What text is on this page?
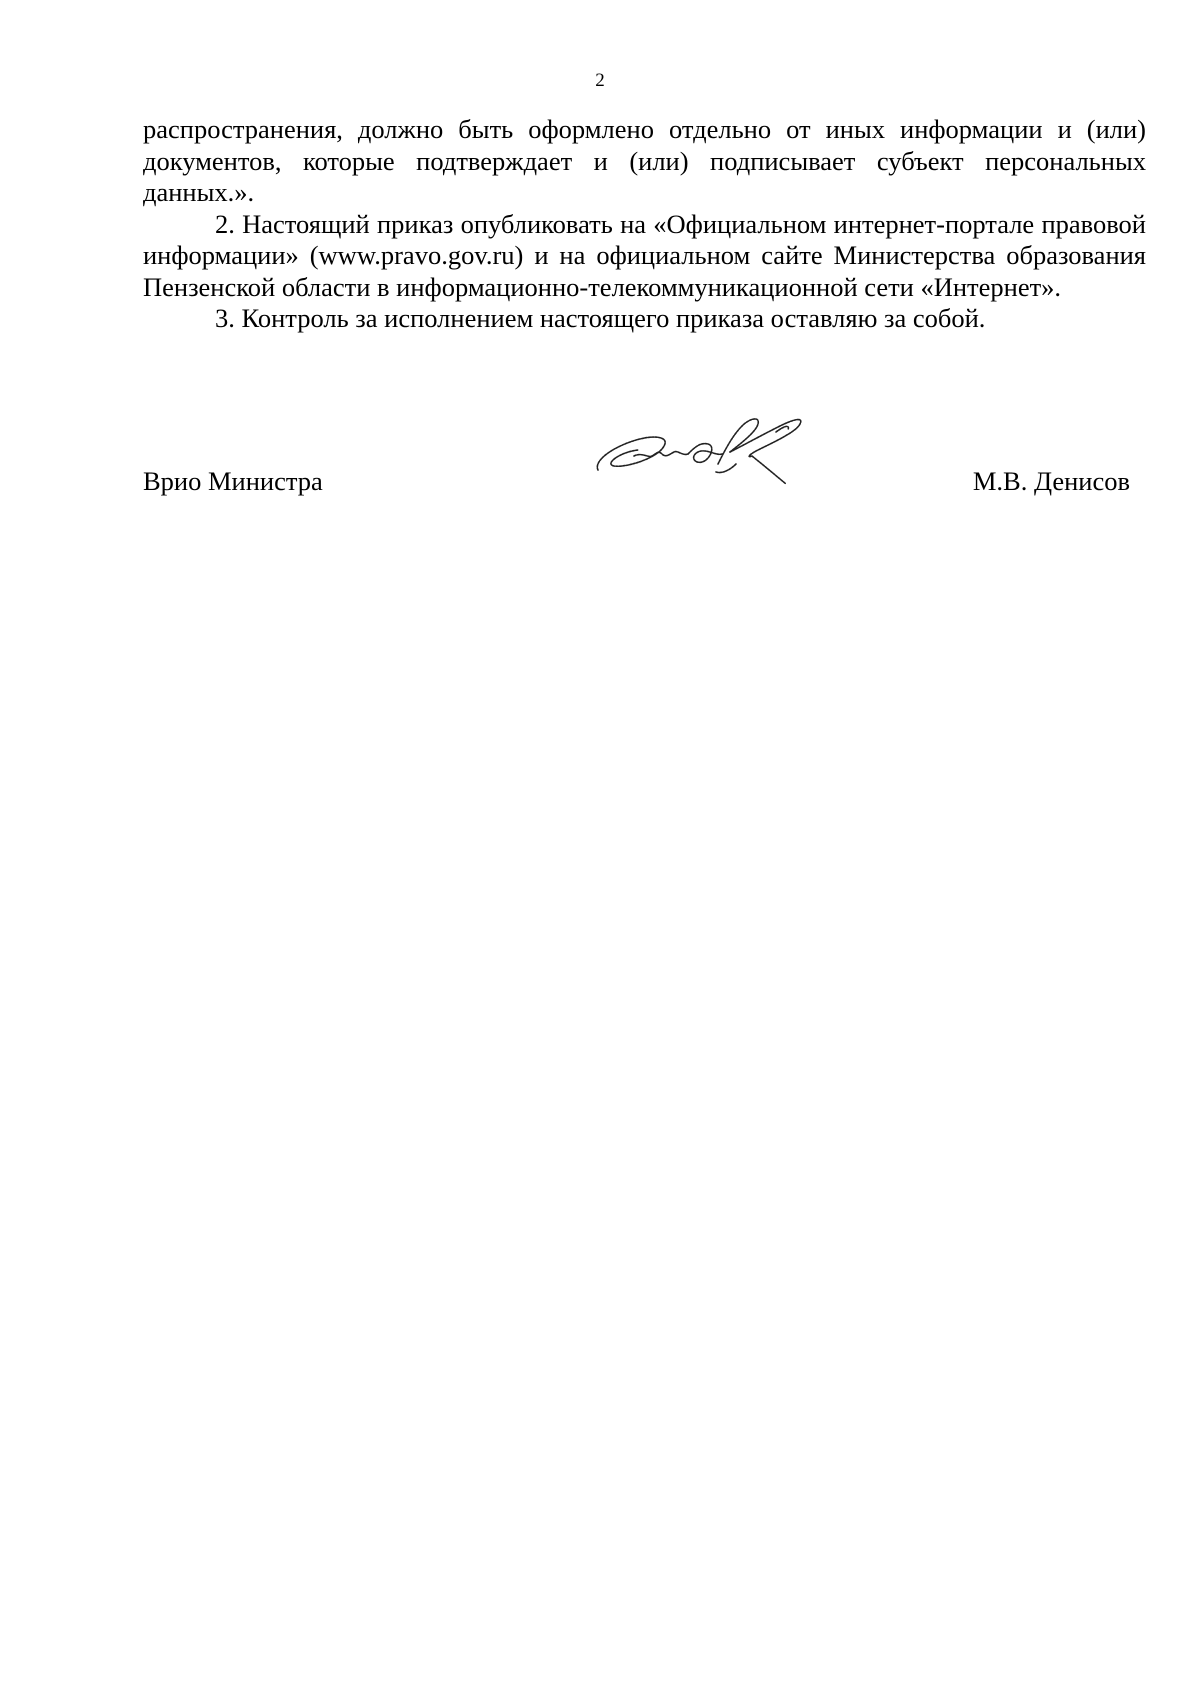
2

распространения, должно быть оформлено отдельно от иных информации и (или) документов, которые подтверждает и (или) подписывает субъект персональных данных.».

2. Настоящий приказ опубликовать на «Официальном интернет-портале правовой информации» (www.pravo.gov.ru) и на официальном сайте Министерства образования Пензенской области в информационно-телекоммуникационной сети «Интернет».

3. Контроль за исполнением настоящего приказа оставляю за собой.

Врио Министра	М.В. Денисов
